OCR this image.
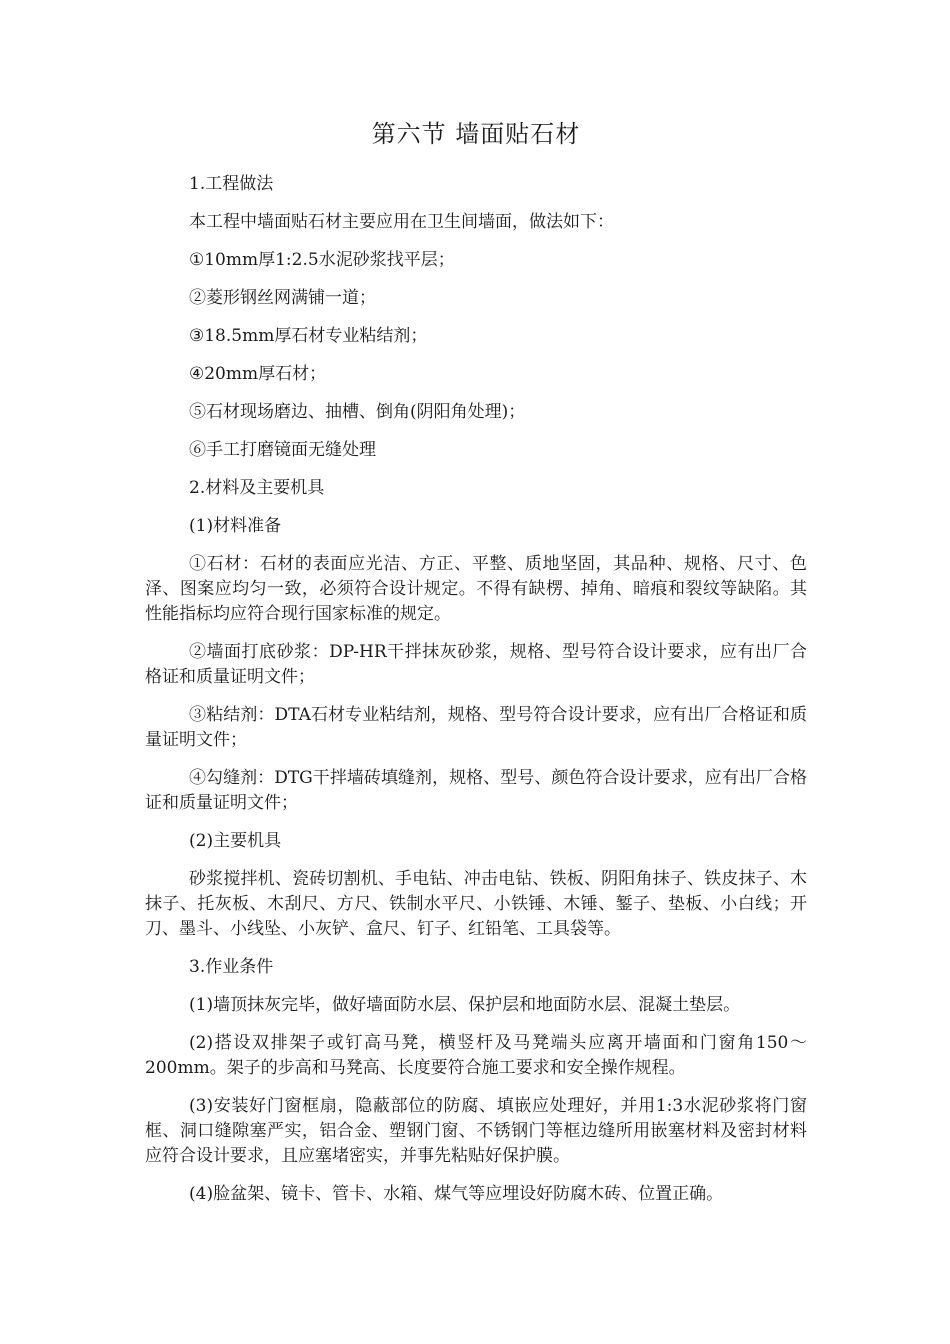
第六节 墙面贴石材

1.工程做法

本工程中墙面贴石材主要应用在卫生间墙面，做法如下：

①10mm厚1:2.5水泥砂浆找平层；

②菱形钢丝网满铺一道；

③18.5mm厚石材专业粘结剂；

④20mm厚石材；

⑤石材现场磨边、抽槽、倒角(阴阳角处理)；

⑥手工打磨镜面无缝处理

2.材料及主要机具

(1)材料准备

①石材：石材的表面应光洁、方正、平整、质地坚固，其品种、规格、尺寸、色泽、图案应均匀一致，必须符合设计规定。不得有缺楞、掉角、暗痕和裂纹等缺陷。其性能指标均应符合现行国家标准的规定。

②墙面打底砂浆：DP-HR干拌抹灰砂浆，规格、型号符合设计要求，应有出厂合格证和质量证明文件；

③粘结剂：DTA石材专业粘结剂，规格、型号符合设计要求，应有出厂合格证和质量证明文件；

④勾缝剂：DTG干拌墙砖填缝剂，规格、型号、颜色符合设计要求，应有出厂合格证和质量证明文件；

(2)主要机具

砂浆搅拌机、瓷砖切割机、手电钻、冲击电钻、铁板、阴阳角抹子、铁皮抹子、木抹子、托灰板、木刮尺、方尺、铁制水平尺、小铁锤、木锤、錾子、垫板、小白线；开刀、墨斗、小线坠、小灰铲、盒尺、钉子、红铅笔、工具袋等。

3.作业条件

(1)墙顶抹灰完毕，做好墙面防水层、保护层和地面防水层、混凝土垫层。

(2)搭设双排架子或钉高马凳，横竖杆及马凳端头应离开墙面和门窗角150～200mm。架子的步高和马凳高、长度要符合施工要求和安全操作规程。

(3)安装好门窗框扇，隐蔽部位的防腐、填嵌应处理好，并用1:3水泥砂浆将门窗框、洞口缝隙塞严实，铝合金、塑钢门窗、不锈钢门等框边缝所用嵌塞材料及密封材料应符合设计要求，且应塞堵密实，并事先粘贴好保护膜。

(4)脸盆架、镜卡、管卡、水箱、煤气等应埋设好防腐木砖、位置正确。
